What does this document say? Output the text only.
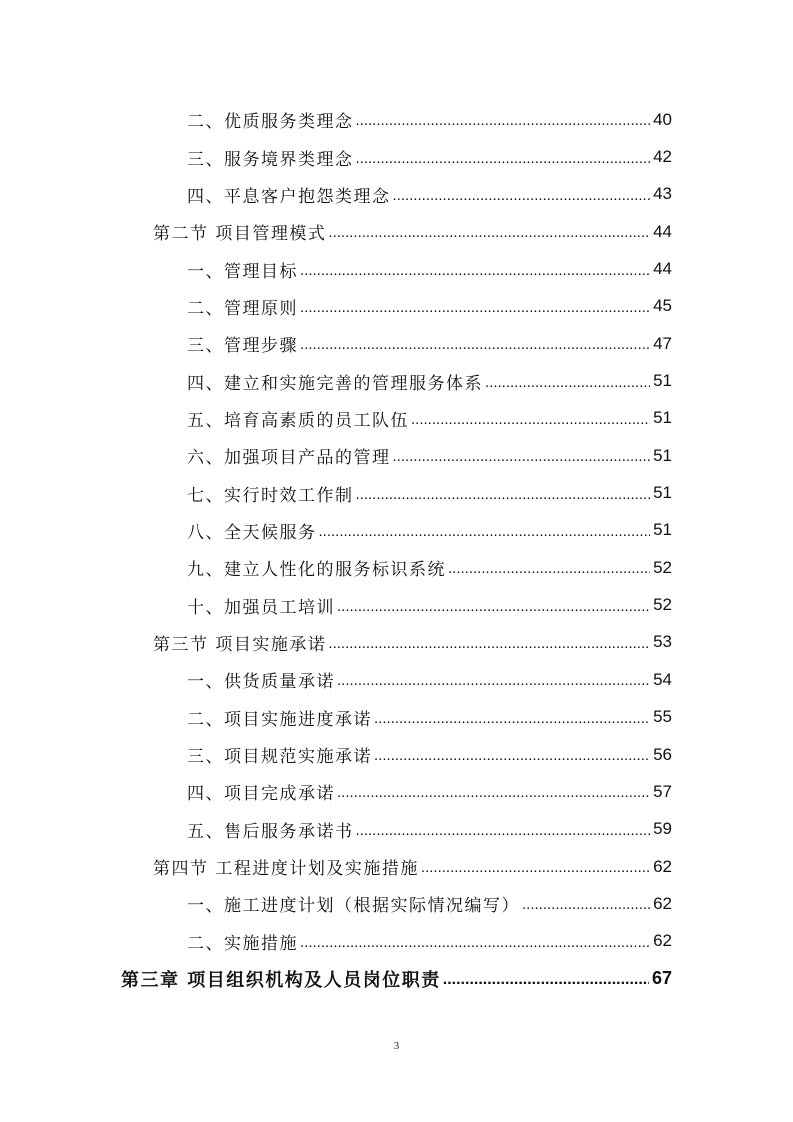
二、优质服务类理念 .....	40
三、服务境界类理念 .....	42
四、平息客户抱怨类理念 .....	43
第二节 项目管理模式 .....	44
一、管理目标 .....	44
二、管理原则 .....	45
三、管理步骤 .....	47
四、建立和实施完善的管理服务体系 .....	51
五、培育高素质的员工队伍 .....	51
六、加强项目产品的管理 .....	51
七、实行时效工作制 .....	51
八、全天候服务 .....	51
九、建立人性化的服务标识系统 .....	52
十、加强员工培训 .....	52
第三节 项目实施承诺 .....	53
一、供货质量承诺 .....	54
二、项目实施进度承诺 .....	55
三、项目规范实施承诺 .....	56
四、项目完成承诺 .....	57
五、售后服务承诺书 .....	59
第四节 工程进度计划及实施措施 .....	62
一、施工进度计划（根据实际情况编写） .....	62
二、实施措施 .....	62
第三章 项目组织机构及人员岗位职责 .....	67
3
